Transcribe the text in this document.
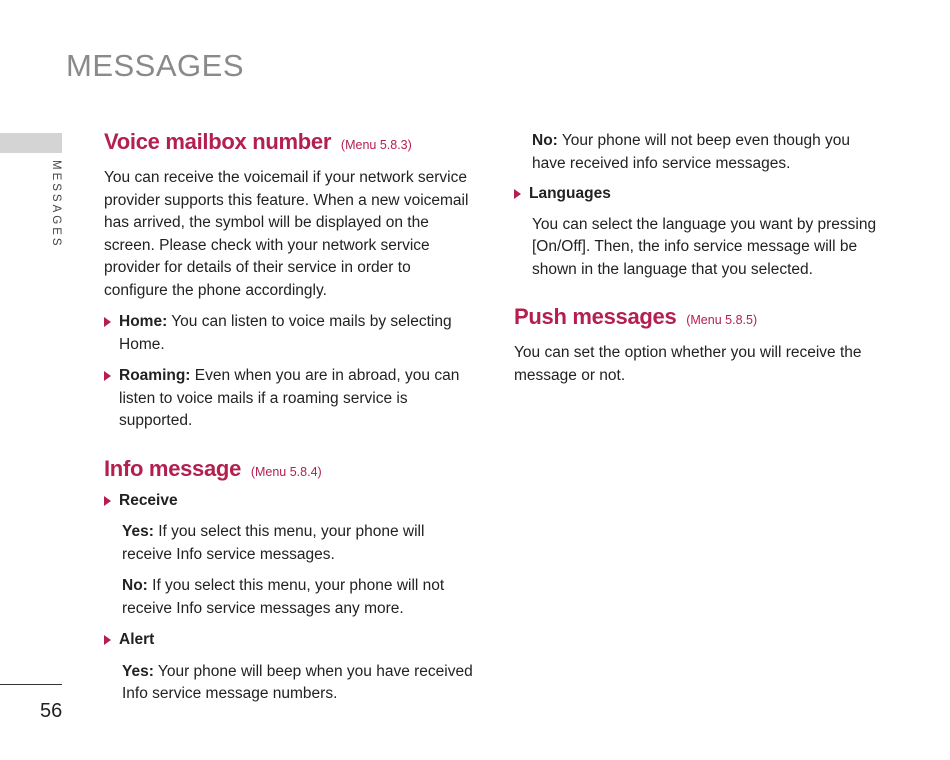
MESSAGES
MESSAGES
56
Voice mailbox number (Menu 5.8.3)

You can receive the voicemail if your network service provider supports this feature. When a new voicemail has arrived, the symbol will be displayed on the screen. Please check with your network service provider for details of their service in order to configure the phone accordingly.

Home: You can listen to voice mails by selecting Home.
Roaming: Even when you are in abroad, you can listen to voice mails if a roaming service is supported.
Info message (Menu 5.8.4)
Receive

Yes: If you select this menu, your phone will receive Info service messages.

No: If you select this menu, your phone will not receive Info service messages any more.

Alert

Yes: Your phone will beep when you have received Info service message numbers.

No: Your phone will not beep even though you have received info service messages.

Languages

You can select the language you want by pressing [On/Off]. Then, the info service message will be shown in the language that you selected.

Push messages (Menu 5.8.5)

You can set the option whether you will receive the message or not.
